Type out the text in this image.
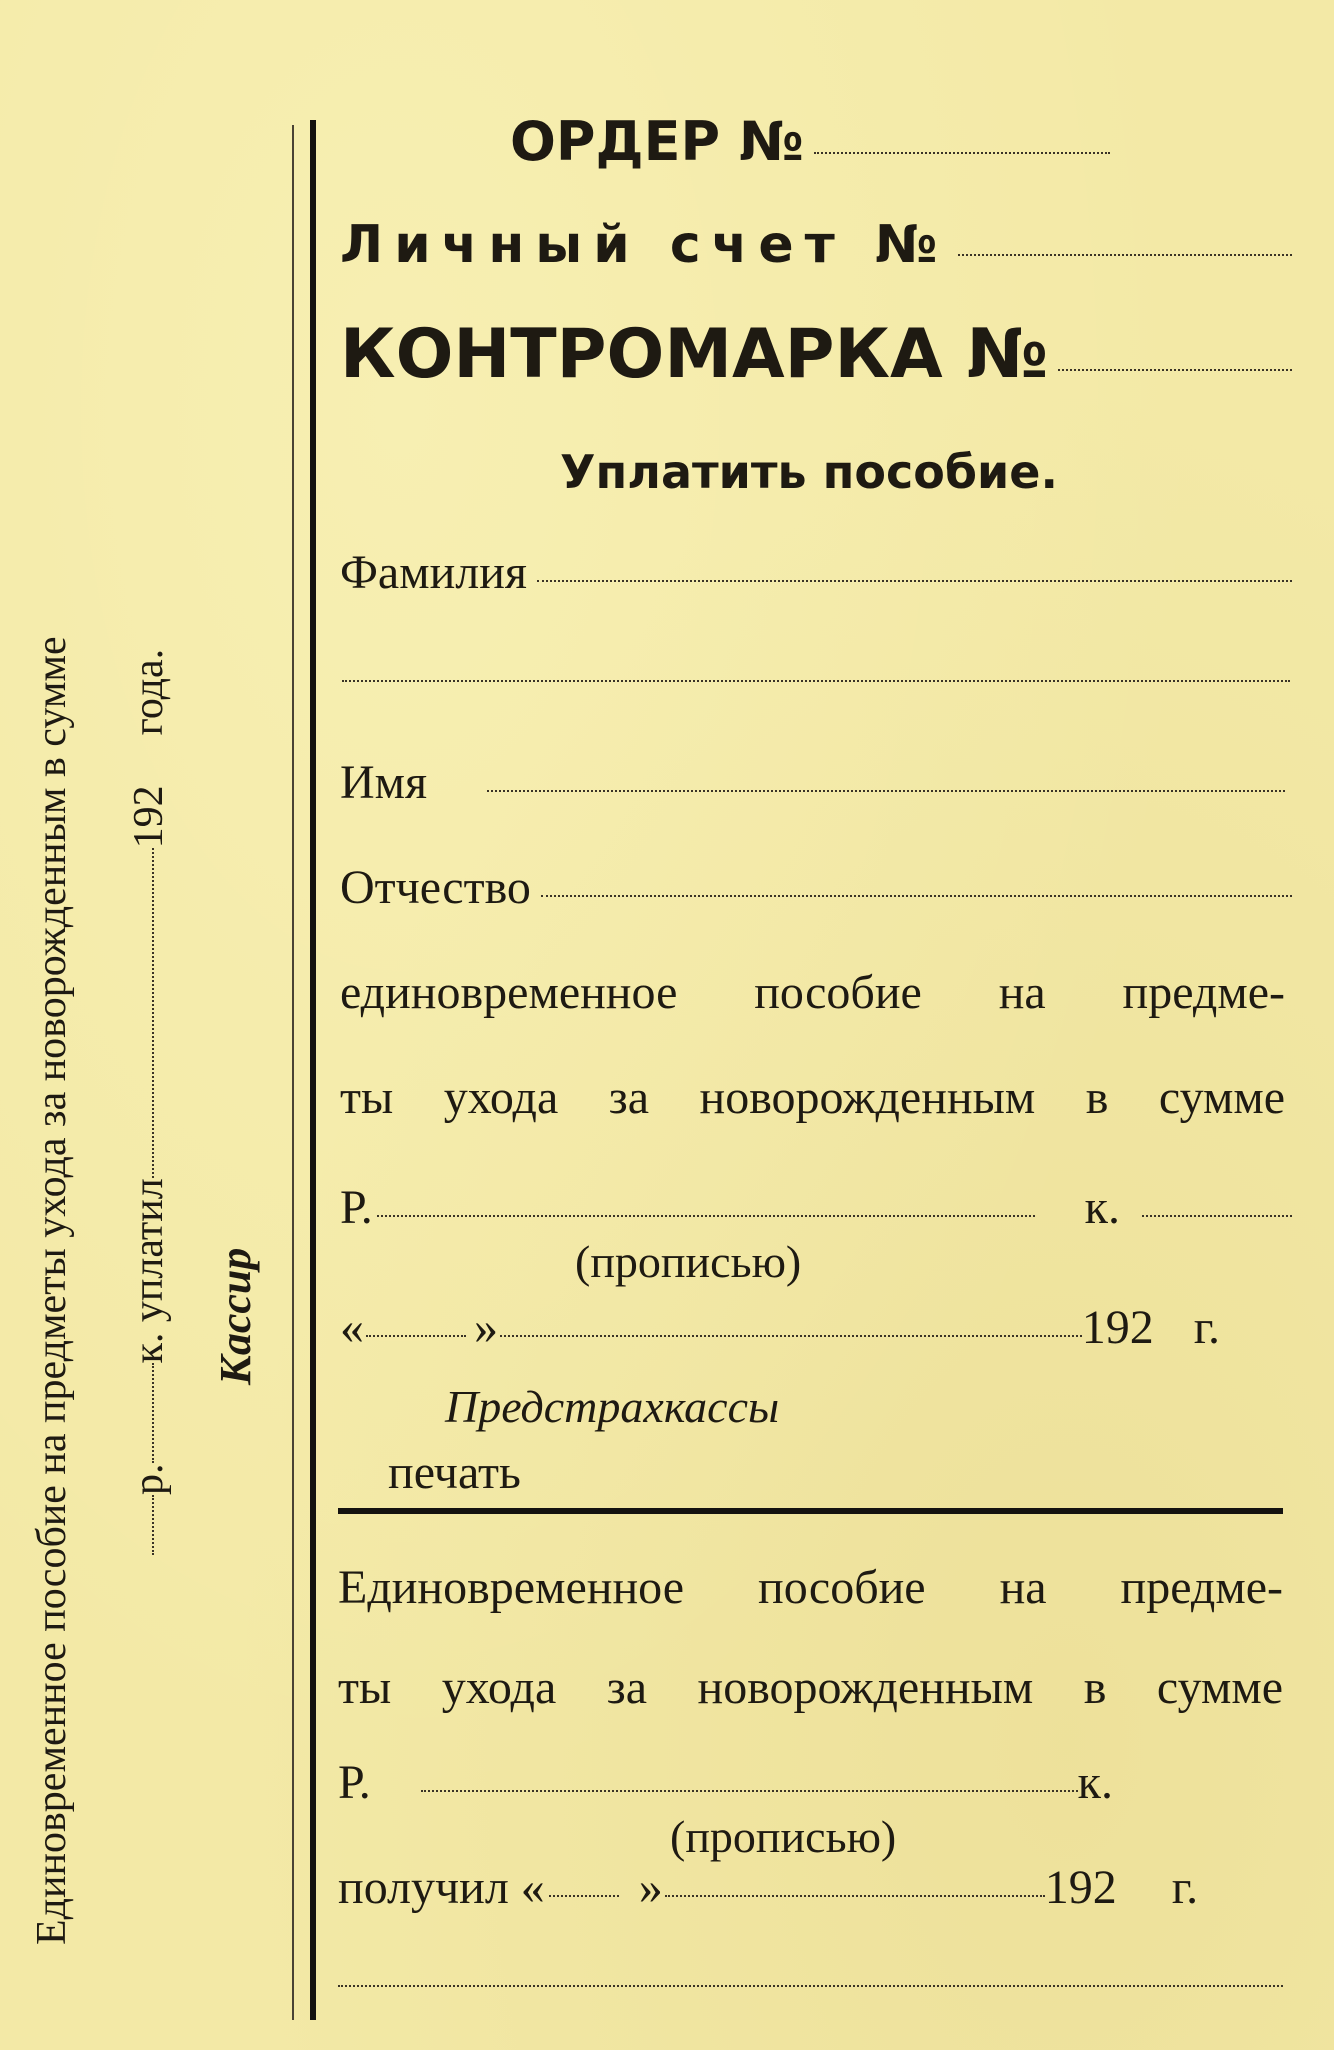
Единовременное пособие на предметы ухода за новорожденным в сумме р.
к. уплатил
192
года.
Кассир
ОРДЕР №
Личный счет №
КОНТРОМАРКА №
Уплатить пособие.
Фамилия
Имя
Отчество
единовременное пособие на предме-
ты ухода за новорожденным в сумме
Р.	к.
(прописью)
« »	192 г.
Предстрахкассы
печать
Единовременное пособие на предме-
ты ухода за новорожденным в сумме
Р.	к.
(прописью)
получил « »	192 г.
